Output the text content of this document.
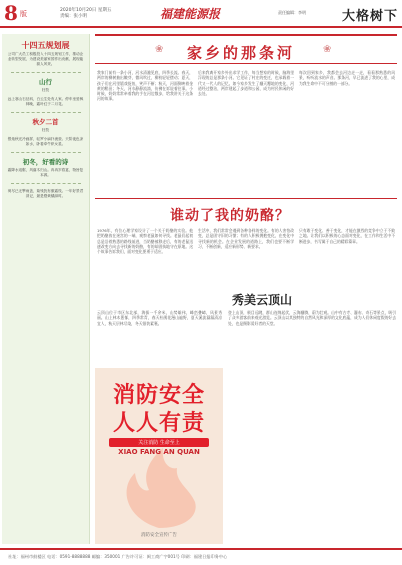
8 版	2020年10月20日 星期五
责编：张小明	福建能源报	责任编辑：李明	大格树下
十四五规划展
公司广大员工积极投入十四五规划工作，推动企业转型发展，为建设美丽家园作出贡献，展现能源人风采。
山行
杜牧
远上寒山石径斜，白云生处有人家。停车坐爱枫林晚，霜叶红于二月花。
秋夕二首
杜牧
银烛秋光冷画屏，轻罗小扇扑流萤。天阶夜色凉如水，卧看牵牛织女星。
初冬，好看的诗
霜降水返壑，风落木归山。冉冉岁将宴，物皆复本源。
荷尽已无擎雨盖，菊残犹有傲霜枝。一年好景君须记，最是橙黄橘绿时。
❀ 家乡的那条河	❀
我家门前有一条小河，河水清澈见底，四季长流。春天，两岸的柳树抽出嫩芽，微风吹过，柳枝轻轻摆动；夏天，孩子们在河里嬉戏捉鱼，笑声不断；秋天，河面倒映着金黄的稻田；冬天，河水静静流淌，仿佛在诉说着往事。小时候，奶奶常常牵着我的手在河边散步，给我讲关于这条河的故事。
后来我离开家乡外出求学工作，每当想家的时候，脑海里浮现的总是那条小河。它见证了村庄的变迁，也承载着一代又一代人的记忆。如今家乡发生了翻天覆地的变化，河道经过整治，两岸建起了步道和公园，成为村民休闲的好去处。
每次回到家乡，我都会去河边走一走，看看那熟悉的风景，听听流水的声音。那条河，早已流进了我的心里，成为我生命中不可分割的一部分。
谁动了我的奶酪？
1976年，有位心理学家设计了一个关于奶酪的实验。他把奶酪放在迷宫的一端，观察老鼠如何寻找。老鼠们起初总是沿着熟悉的路线前进，当奶酪被移走后，有的老鼠迅速改变方向去寻找新的奶酪，有的却固执地守在原地。这个故事告诉我们，面对变化要勇于适应。
生活中，我们常常会遇到各种各样的变化。有的人害怕改变，总是固守旧的习惯；有的人积极拥抱变化，在变化中寻找新的机会。在企业发展的道路上，我们也要不断学习，不断创新，适应新形势、新要求。
只有敢于变化、善于变化，才能在激烈的竞争中立于不败之地。让我们以积极的心态面对变化，在工作和生活中不断进步，书写属于自己的精彩篇章。
秀美云顶山
云顶山位于市区东北部，海拔一千余米，山势雄伟，峰峦叠嶂，风景秀丽。山上林木葱郁，四季常青，春天杜鹃花漫山遍野，夏天溪流潺潺清凉宜人，秋天层林尽染，冬天银装素裹。
登上山顶，极目远眺，群山连绵起伏，云海翻腾，蔚为壮观。山中有古寺、瀑布、奇石等景点，吸引了众多游客前来观光游览。云顶山以其独特的自然风光和深厚的文化底蕴，成为人们休闲度假的好去处，也是摄影爱好者的天堂。
消防安全
人人有责
关注消防 生命至上
XIAO FANG AN QUAN
消防安全宣传广告
社址：福州市鼓楼区 电话：0591-8888888 邮编：350001 广告许可证：闽工商广字001号 印刷：福建日报印务中心
